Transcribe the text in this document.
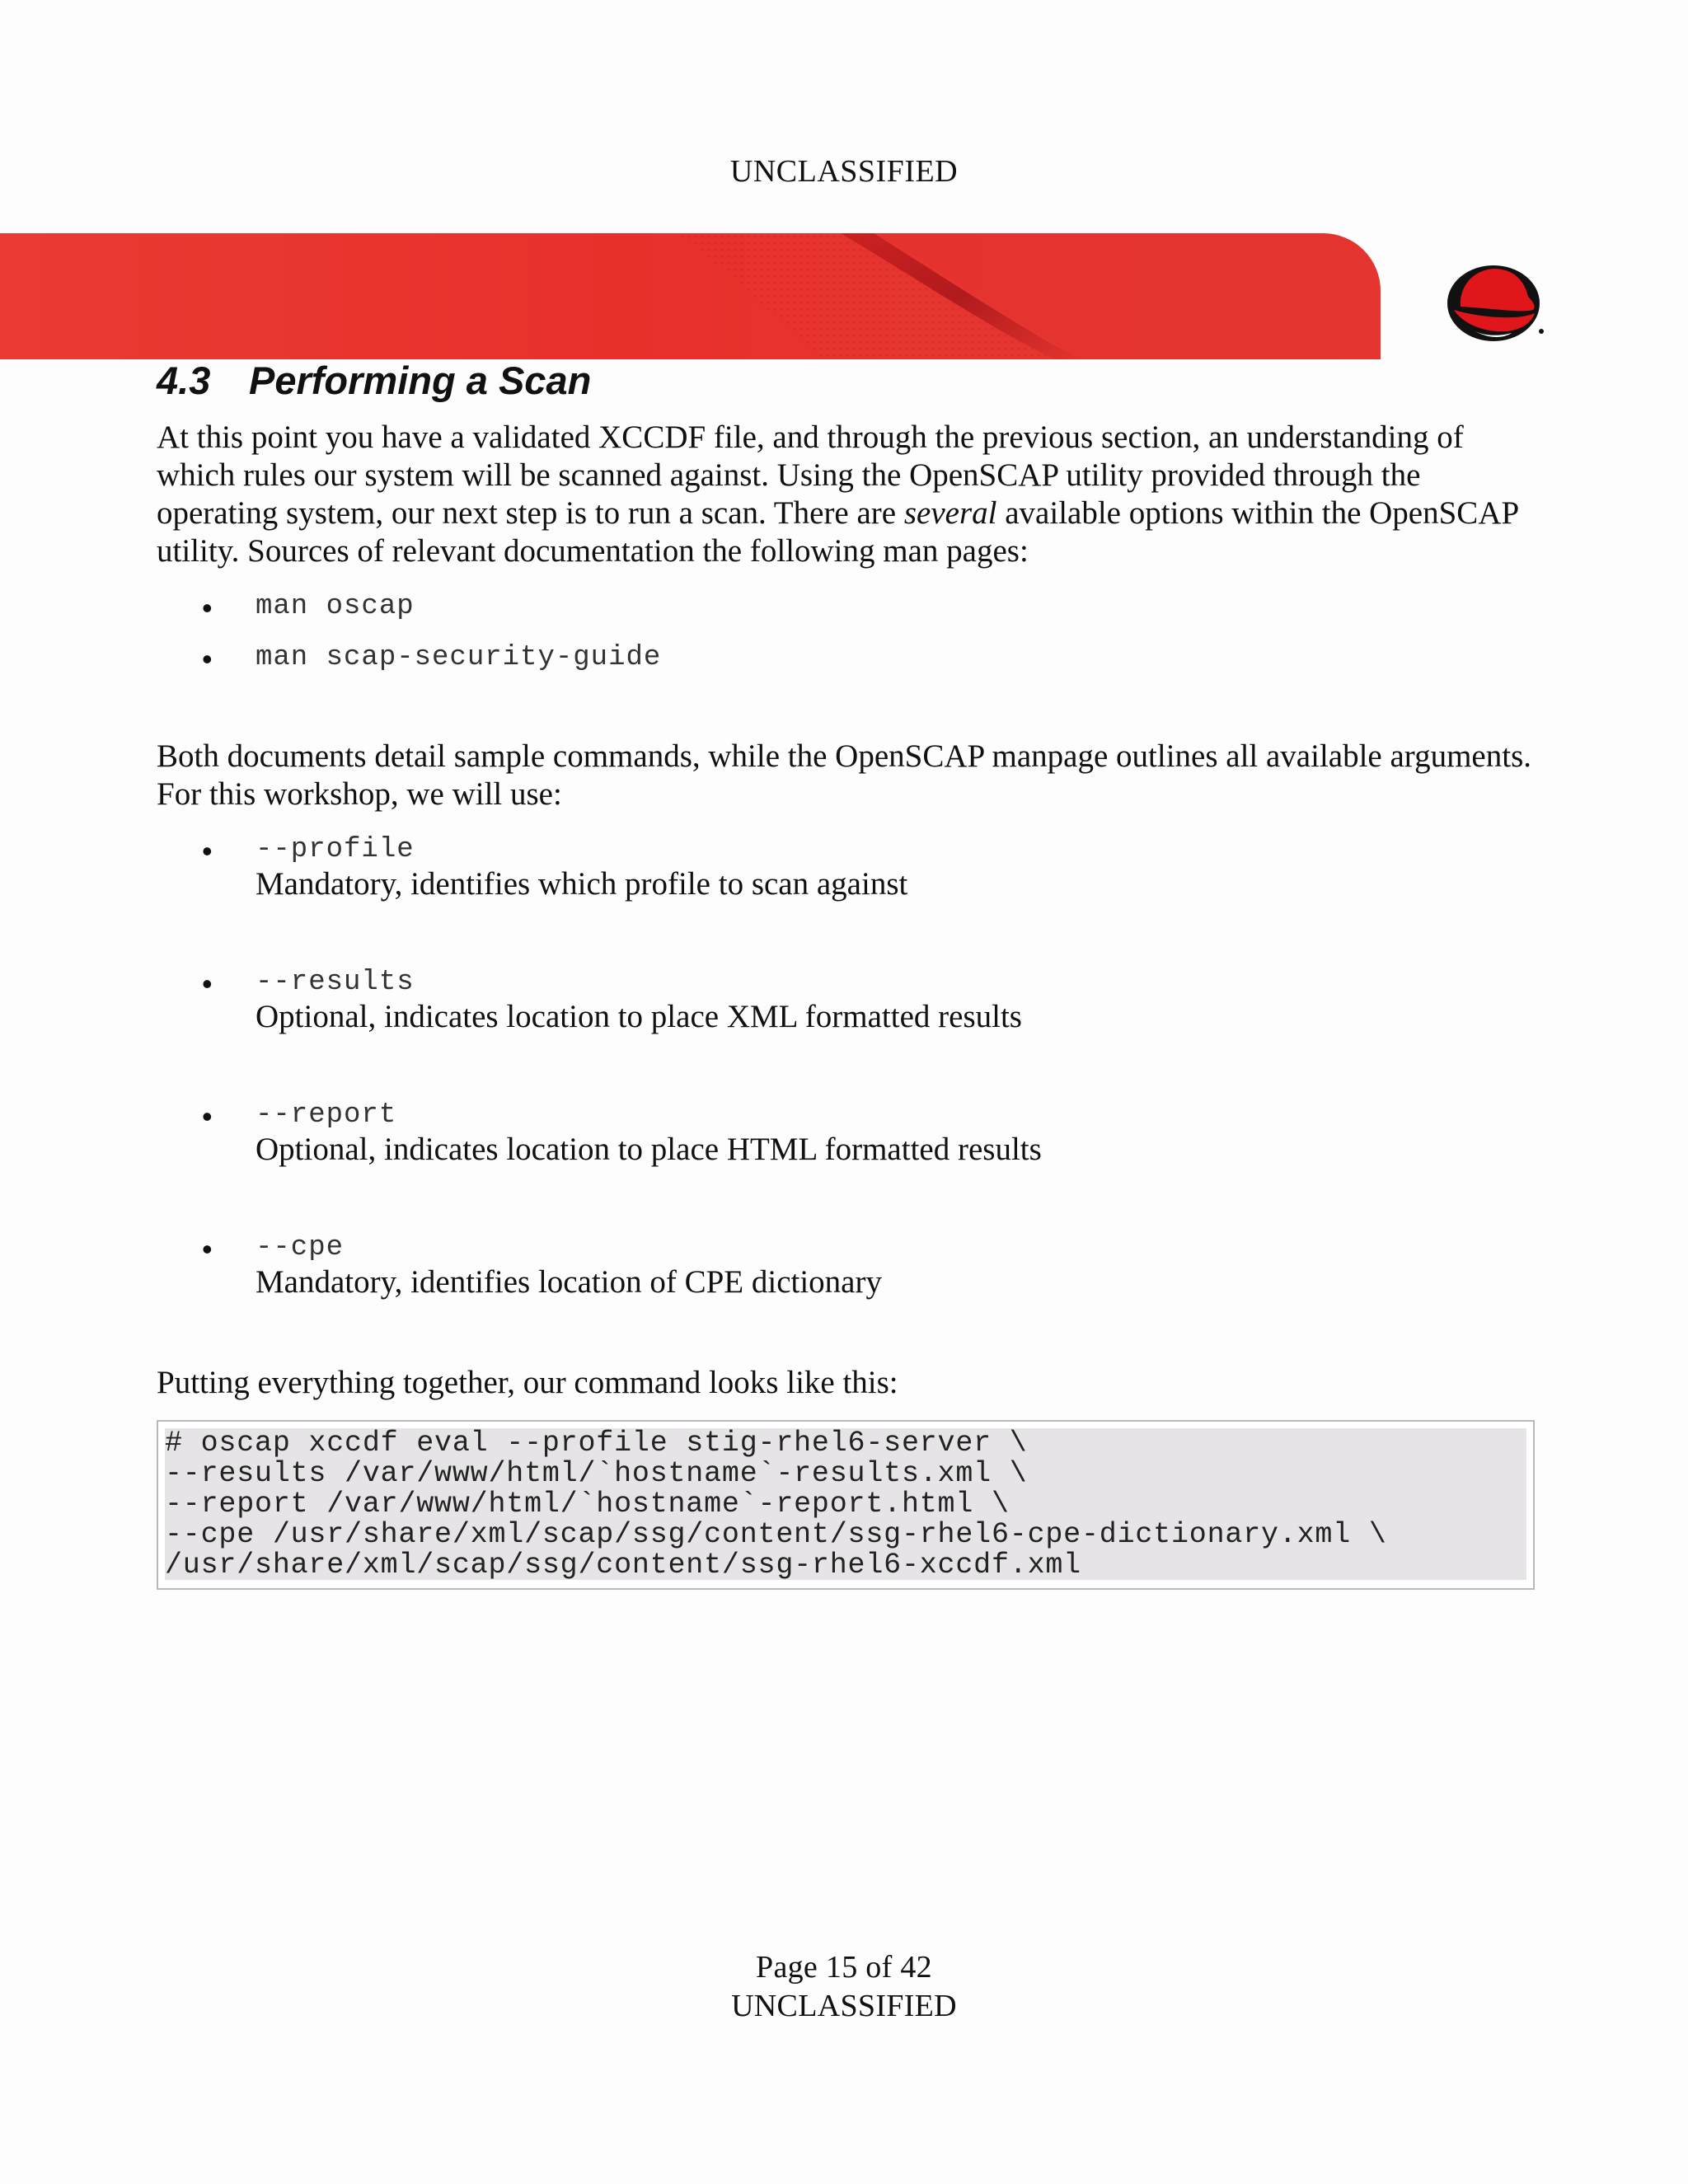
UNCLASSIFIED
4.3 Performing a Scan

At this point you have a validated XCCDF file, and through the previous section, an understanding of which rules our system will be scanned against. Using the OpenSCAP utility provided through the operating system, our next step is to run a scan. There are several available options within the OpenSCAP utility. Sources of relevant documentation the following man pages:

• man oscap
• man scap-security-guide

Both documents detail sample commands, while the OpenSCAP manpage outlines all available arguments. For this workshop, we will use:

• --profile
Mandatory, identifies which profile to scan against
• --results
Optional, indicates location to place XML formatted results
• --report
Optional, indicates location to place HTML formatted results
• --cpe
Mandatory, identifies location of CPE dictionary

Putting everything together, our command looks like this:

# oscap xccdf eval --profile stig-rhel6-server \
--results /var/www/html/`hostname`-results.xml \
--report /var/www/html/`hostname`-report.html \
--cpe /usr/share/xml/scap/ssg/content/ssg-rhel6-cpe-dictionary.xml \
/usr/share/xml/scap/ssg/content/ssg-rhel6-xccdf.xml
Page 15 of 42
UNCLASSIFIED
